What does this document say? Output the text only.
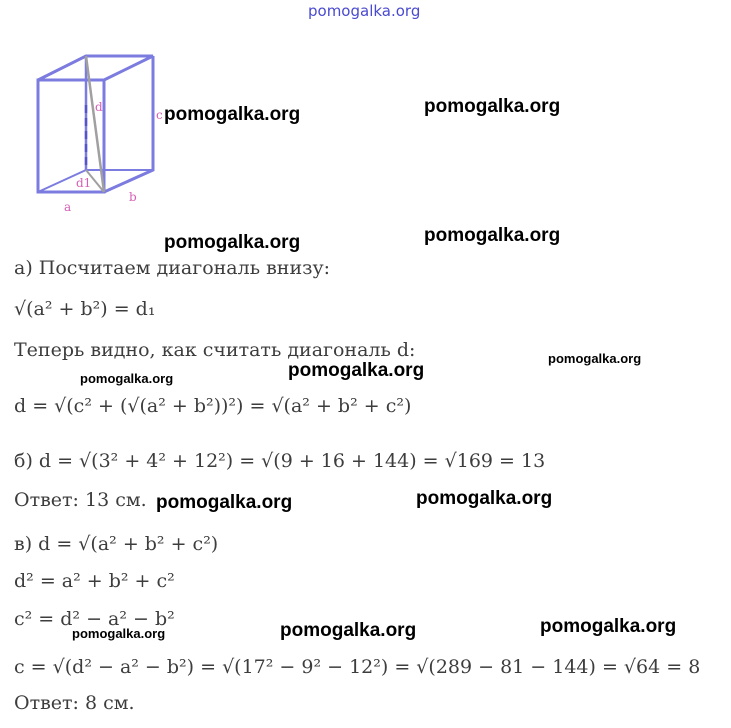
pomogalka.org
d
c
d1
a
b
pomogalka.org	pomogalka.org
pomogalka.org	pomogalka.org
pomogalka.org
pomogalka.org	pomogalka.org
pomogalka.org	pomogalka.org
pomogalka.org	pomogalka.org	pomogalka.org
а) Посчитаем диагональ внизу:
√(a² + b²) = d₁
Теперь видно, как считать диагональ d:
d = √(c² + (√(a² + b²))²) = √(a² + b² + c²)
б) d = √(3² + 4² + 12²) = √(9 + 16 + 144) = √169 = 13
Ответ: 13 см.
в) d = √(a² + b² + c²)
d² = a² + b² + c²
c² = d² − a² − b²
c = √(d² − a² − b²) = √(17² − 9² − 12²) = √(289 − 81 − 144) = √64 = 8
Ответ: 8 см.
